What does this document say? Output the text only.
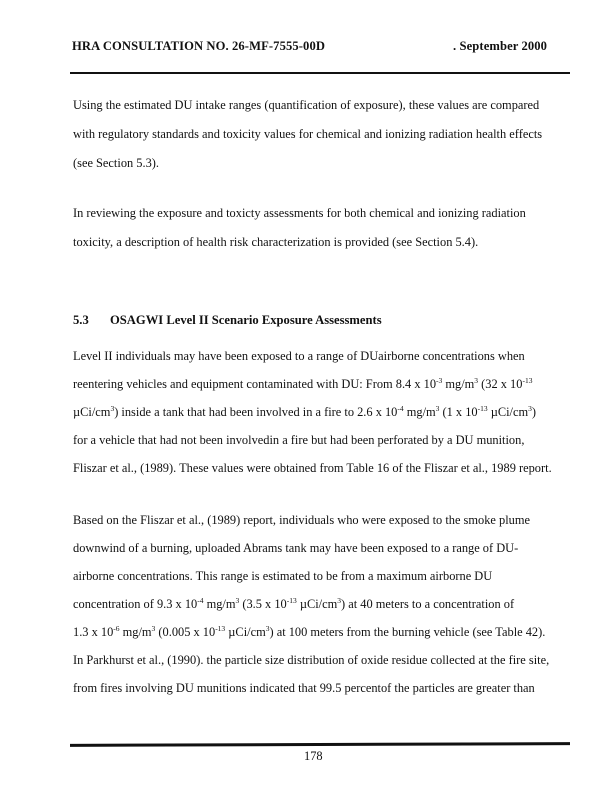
HRA CONSULTATION NO. 26-MF-7555-00D	. September 2000
Using the estimated DU intake ranges (quantification of exposure), these values are compared
with regulatory standards and toxicity values for chemical and ionizing radiation health effects
(see Section 5.3).
In reviewing the exposure and toxicty assessments for both chemical and ionizing radiation
toxicity, a description of health risk characterization is provided (see Section 5.4).
5.3 OSAGWI Level II Scenario Exposure Assessments
Level II individuals may have been exposed to a range of DUairborne concentrations when
reentering vehicles and equipment contaminated with DU: From 8.4 x $10^{-3}$ $mg/m^3$ (32 x $10^{-13}$
µCi/$cm^3$) inside a tank that had been involved in a fire to 2.6 x $10^{-4}$ $mg/m^3$ (1 x $10^{-13}$ µCi/$cm^3$)
for a vehicle that had not been involvedin a fire but had been perforated by a DU munition,
Fliszar et al., (1989). These values were obtained from Table 16 of the Fliszar et al., 1989 report.
Based on the Fliszar et al., (1989) report, individuals who were exposed to the smoke plume
downwind of a burning, uploaded Abrams tank may have been exposed to a range of DU-
airborne concentrations. This range is estimated to be from a maximum airborne DU
concentration of 9.3 x $10^{-4}$ $mg/m^3$ (3.5 x $10^{-13}$ µCi/$cm^3$) at 40 meters to a concentration of
1.3 x $10^{-6}$ $mg/m^3$ (0.005 x $10^{-13}$ µCi/$cm^3$) at 100 meters from the burning vehicle (see Table 42).
In Parkhurst et al., (1990). the particle size distribution of oxide residue collected at the fire site,
from fires involving DU munitions indicated that 99.5 percentof the particles are greater than
178
